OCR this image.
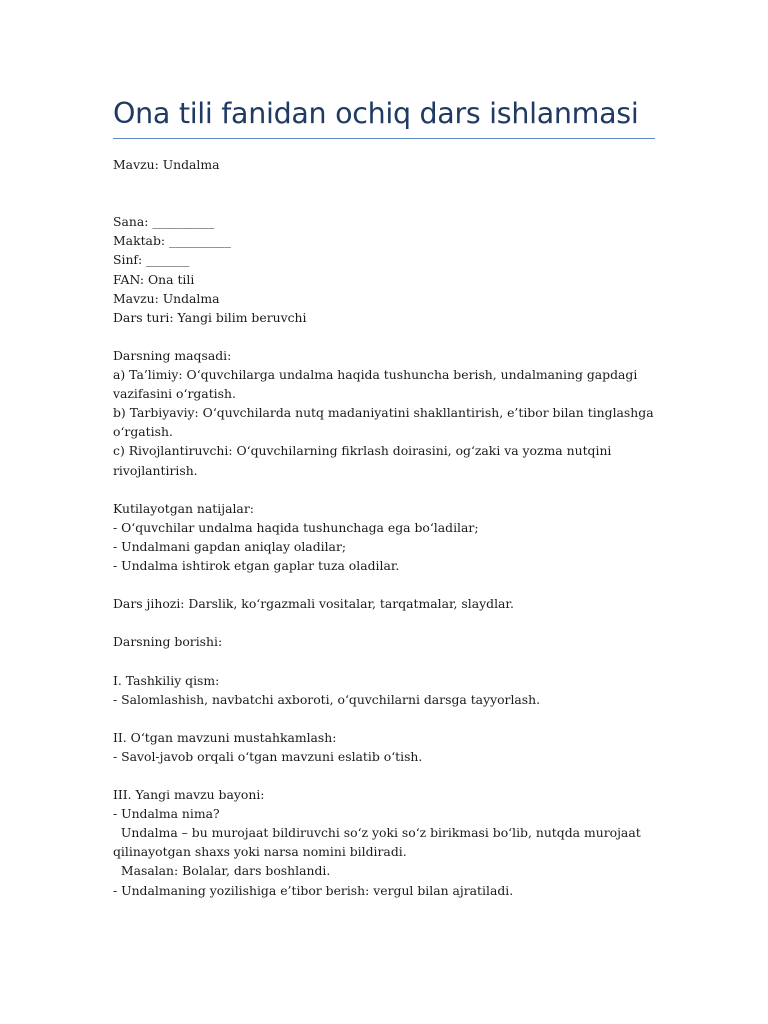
Ona tili fanidan ochiq dars ishlanmasi
Mavzu: Undalma
Sana: __________
Maktab: __________
Sinf: _______
FAN: Ona tili
Mavzu: Undalma
Dars turi: Yangi bilim beruvchi
Darsning maqsadi:
a) Ta’limiy: O‘quvchilarga undalma haqida tushuncha berish, undalmaning gapdagi
vazifasini o‘rgatish.
b) Tarbiyaviy: O‘quvchilarda nutq madaniyatini shakllantirish, e’tibor bilan tinglashga
o‘rgatish.
c) Rivojlantiruvchi: O‘quvchilarning fikrlash doirasini, og‘zaki va yozma nutqini
rivojlantirish.
Kutilayotgan natijalar:
- O‘quvchilar undalma haqida tushunchaga ega bo‘ladilar;
- Undalmani gapdan aniqlay oladilar;
- Undalma ishtirok etgan gaplar tuza oladilar.
Dars jihozi: Darslik, ko‘rgazmali vositalar, tarqatmalar, slaydlar.
Darsning borishi:
I. Tashkiliy qism:
- Salomlashish, navbatchi axboroti, o‘quvchilarni darsga tayyorlash.
II. O‘tgan mavzuni mustahkamlash:
- Savol-javob orqali o‘tgan mavzuni eslatib o‘tish.
III. Yangi mavzu bayoni:
- Undalma nima?
Undalma – bu murojaat bildiruvchi so‘z yoki so‘z birikmasi bo‘lib, nutqda murojaat
qilinayotgan shaxs yoki narsa nomini bildiradi.
Masalan: Bolalar, dars boshlandi.
- Undalmaning yozilishiga e’tibor berish: vergul bilan ajratiladi.
